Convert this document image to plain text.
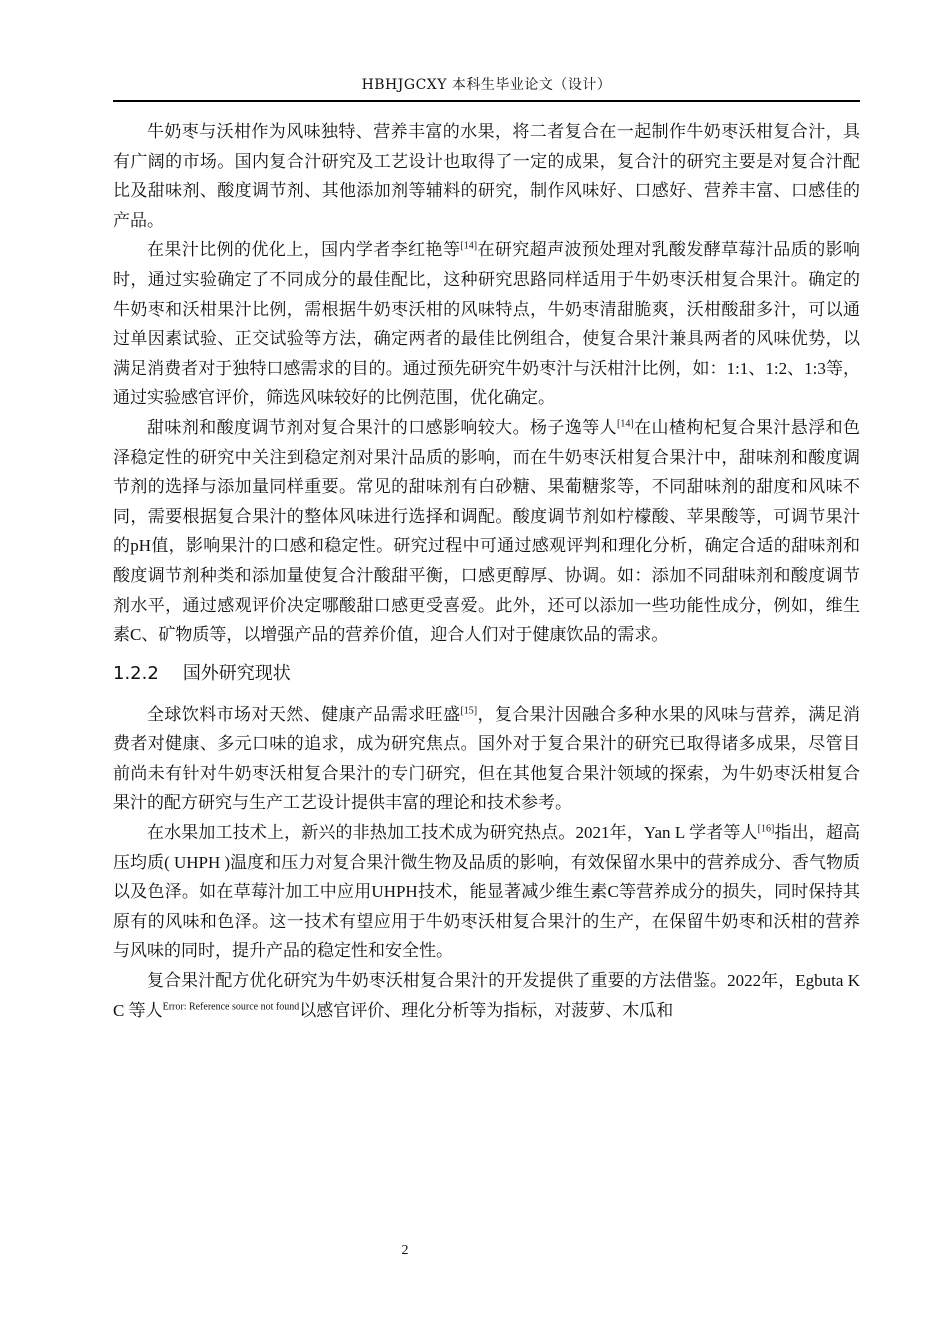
HBHJGCXY 本科生毕业论文（设计）

牛奶枣与沃柑作为风味独特、营养丰富的水果，将二者复合在一起制作牛奶枣沃柑复合汁，具有广阔的市场。国内复合汁研究及工艺设计也取得了一定的成果，复合汁的研究主要是对复合汁配比及甜味剂、酸度调节剂、其他添加剂等辅料的研究，制作风味好、口感好、营养丰富、口感佳的产品。

在果汁比例的优化上，国内学者李红艳等[14]在研究超声波预处理对乳酸发酵草莓汁品质的影响时，通过实验确定了不同成分的最佳配比，这种研究思路同样适用于牛奶枣沃柑复合果汁。确定的牛奶枣和沃柑果汁比例，需根据牛奶枣沃柑的风味特点，牛奶枣清甜脆爽，沃柑酸甜多汁，可以通过单因素试验、正交试验等方法，确定两者的最佳比例组合，使复合果汁兼具两者的风味优势，以满足消费者对于独特口感需求的目的。通过预先研究牛奶枣汁与沃柑汁比例，如：1:1、1:2、1:3等，通过实验感官评价，筛选风味较好的比例范围，优化确定。

甜味剂和酸度调节剂对复合果汁的口感影响较大。杨子逸等人[14]在山楂枸杞复合果汁悬浮和色泽稳定性的研究中关注到稳定剂对果汁品质的影响，而在牛奶枣沃柑复合果汁中，甜味剂和酸度调节剂的选择与添加量同样重要。常见的甜味剂有白砂糖、果葡糖浆等，不同甜味剂的甜度和风味不同，需要根据复合果汁的整体风味进行选择和调配。酸度调节剂如柠檬酸、苹果酸等，可调节果汁的pH值，影响果汁的口感和稳定性。研究过程中可通过感观评判和理化分析，确定合适的甜味剂和酸度调节剂种类和添加量使复合汁酸甜平衡，口感更醇厚、协调。如：添加不同甜味剂和酸度调节剂水平，通过感观评价决定哪酸甜口感更受喜爱。此外，还可以添加一些功能性成分，例如，维生素C、矿物质等，以增强产品的营养价值，迎合人们对于健康饮品的需求。

1.2.2 国外研究现状

全球饮料市场对天然、健康产品需求旺盛[15]，复合果汁因融合多种水果的风味与营养，满足消费者对健康、多元口味的追求，成为研究焦点。国外对于复合果汁的研究已取得诸多成果，尽管目前尚未有针对牛奶枣沃柑复合果汁的专门研究，但在其他复合果汁领域的探索，为牛奶枣沃柑复合果汁的配方研究与生产工艺设计提供丰富的理论和技术参考。

在水果加工技术上，新兴的非热加工技术成为研究热点。2021年，Yan L 学者等人[16]指出，超高压均质( UHPH )温度和压力对复合果汁微生物及品质的影响，有效保留水果中的营养成分、香气物质以及色泽。如在草莓汁加工中应用UHPH技术，能显著减少维生素C等营养成分的损失，同时保持其原有的风味和色泽。这一技术有望应用于牛奶枣沃柑复合果汁的生产，在保留牛奶枣和沃柑的营养与风味的同时，提升产品的稳定性和安全性。

复合果汁配方优化研究为牛奶枣沃柑复合果汁的开发提供了重要的方法借鉴。2022年，Egbuta K C 等人$^{Error: Reference source not found}$以感官评价、理化分析等为指标，对菠萝、木瓜和

2
